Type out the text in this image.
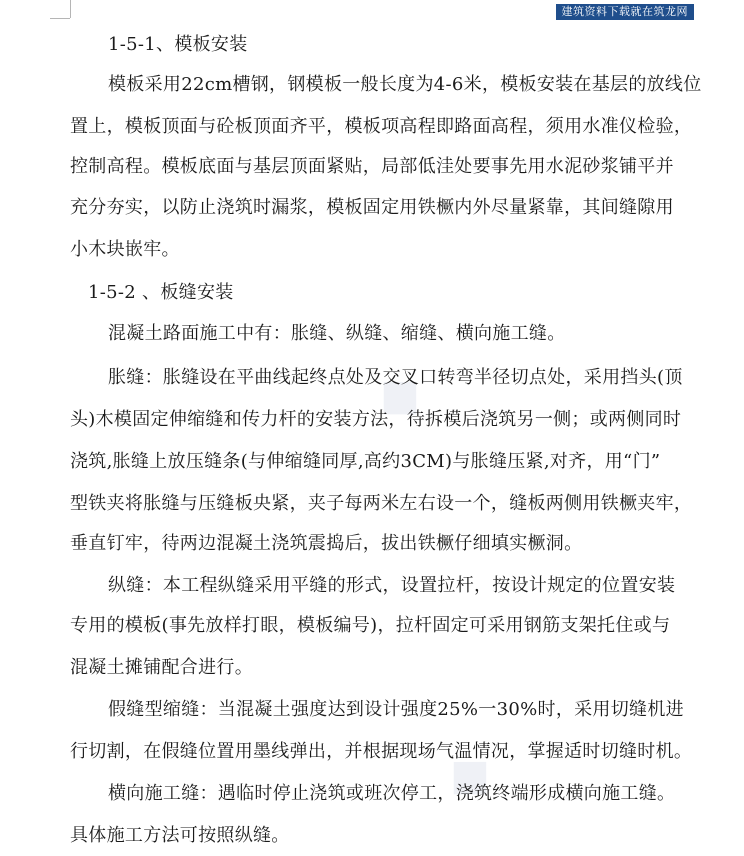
建筑资料下载就在筑龙网
◆
◆
1-5-1、模板安装
模板采用22cm槽钢，钢模板一般长度为4-6米，模板安装在基层的放线位
置上，模板顶面与砼板顶面齐平，模板项高程即路面高程，须用水准仪检验，
控制高程。模板底面与基层顶面紧贴，局部低洼处要事先用水泥砂浆铺平并
充分夯实，以防止浇筑时漏浆，模板固定用铁橛内外尽量紧靠，其间缝隙用
小木块嵌牢。
1-5-2 、板缝安装
混凝土路面施工中有：胀缝、纵缝、缩缝、横向施工缝。
胀缝：胀缝设在平曲线起终点处及交叉口转弯半径切点处，采用挡头(顶
头)木模固定伸缩缝和传力杆的安装方法，待拆模后浇筑另一侧；或两侧同时
浇筑,胀缝上放压缝条(与伸缩缝同厚,高约3CM)与胀缝压紧,对齐，用“门”
型铁夹将胀缝与压缝板央紧，夹子每两米左右设一个，缝板两侧用铁橛夹牢，
垂直钉牢，待两边混凝土浇筑震捣后，拔出铁橛仔细填实橛洞。
纵缝：本工程纵缝采用平缝的形式，设置拉杆，按设计规定的位置安装
专用的模板(事先放样打眼，模板编号)，拉杆固定可采用钢筋支架托住或与
混凝土摊铺配合进行。
假缝型缩缝：当混凝土强度达到设计强度25%一30%时，采用切缝机进
行切割，在假缝位置用墨线弹出，并根据现场气温情况，掌握适时切缝时机。
横向施工缝：遇临时停止浇筑或班次停工，浇筑终端形成横向施工缝。
具体施工方法可按照纵缝。
